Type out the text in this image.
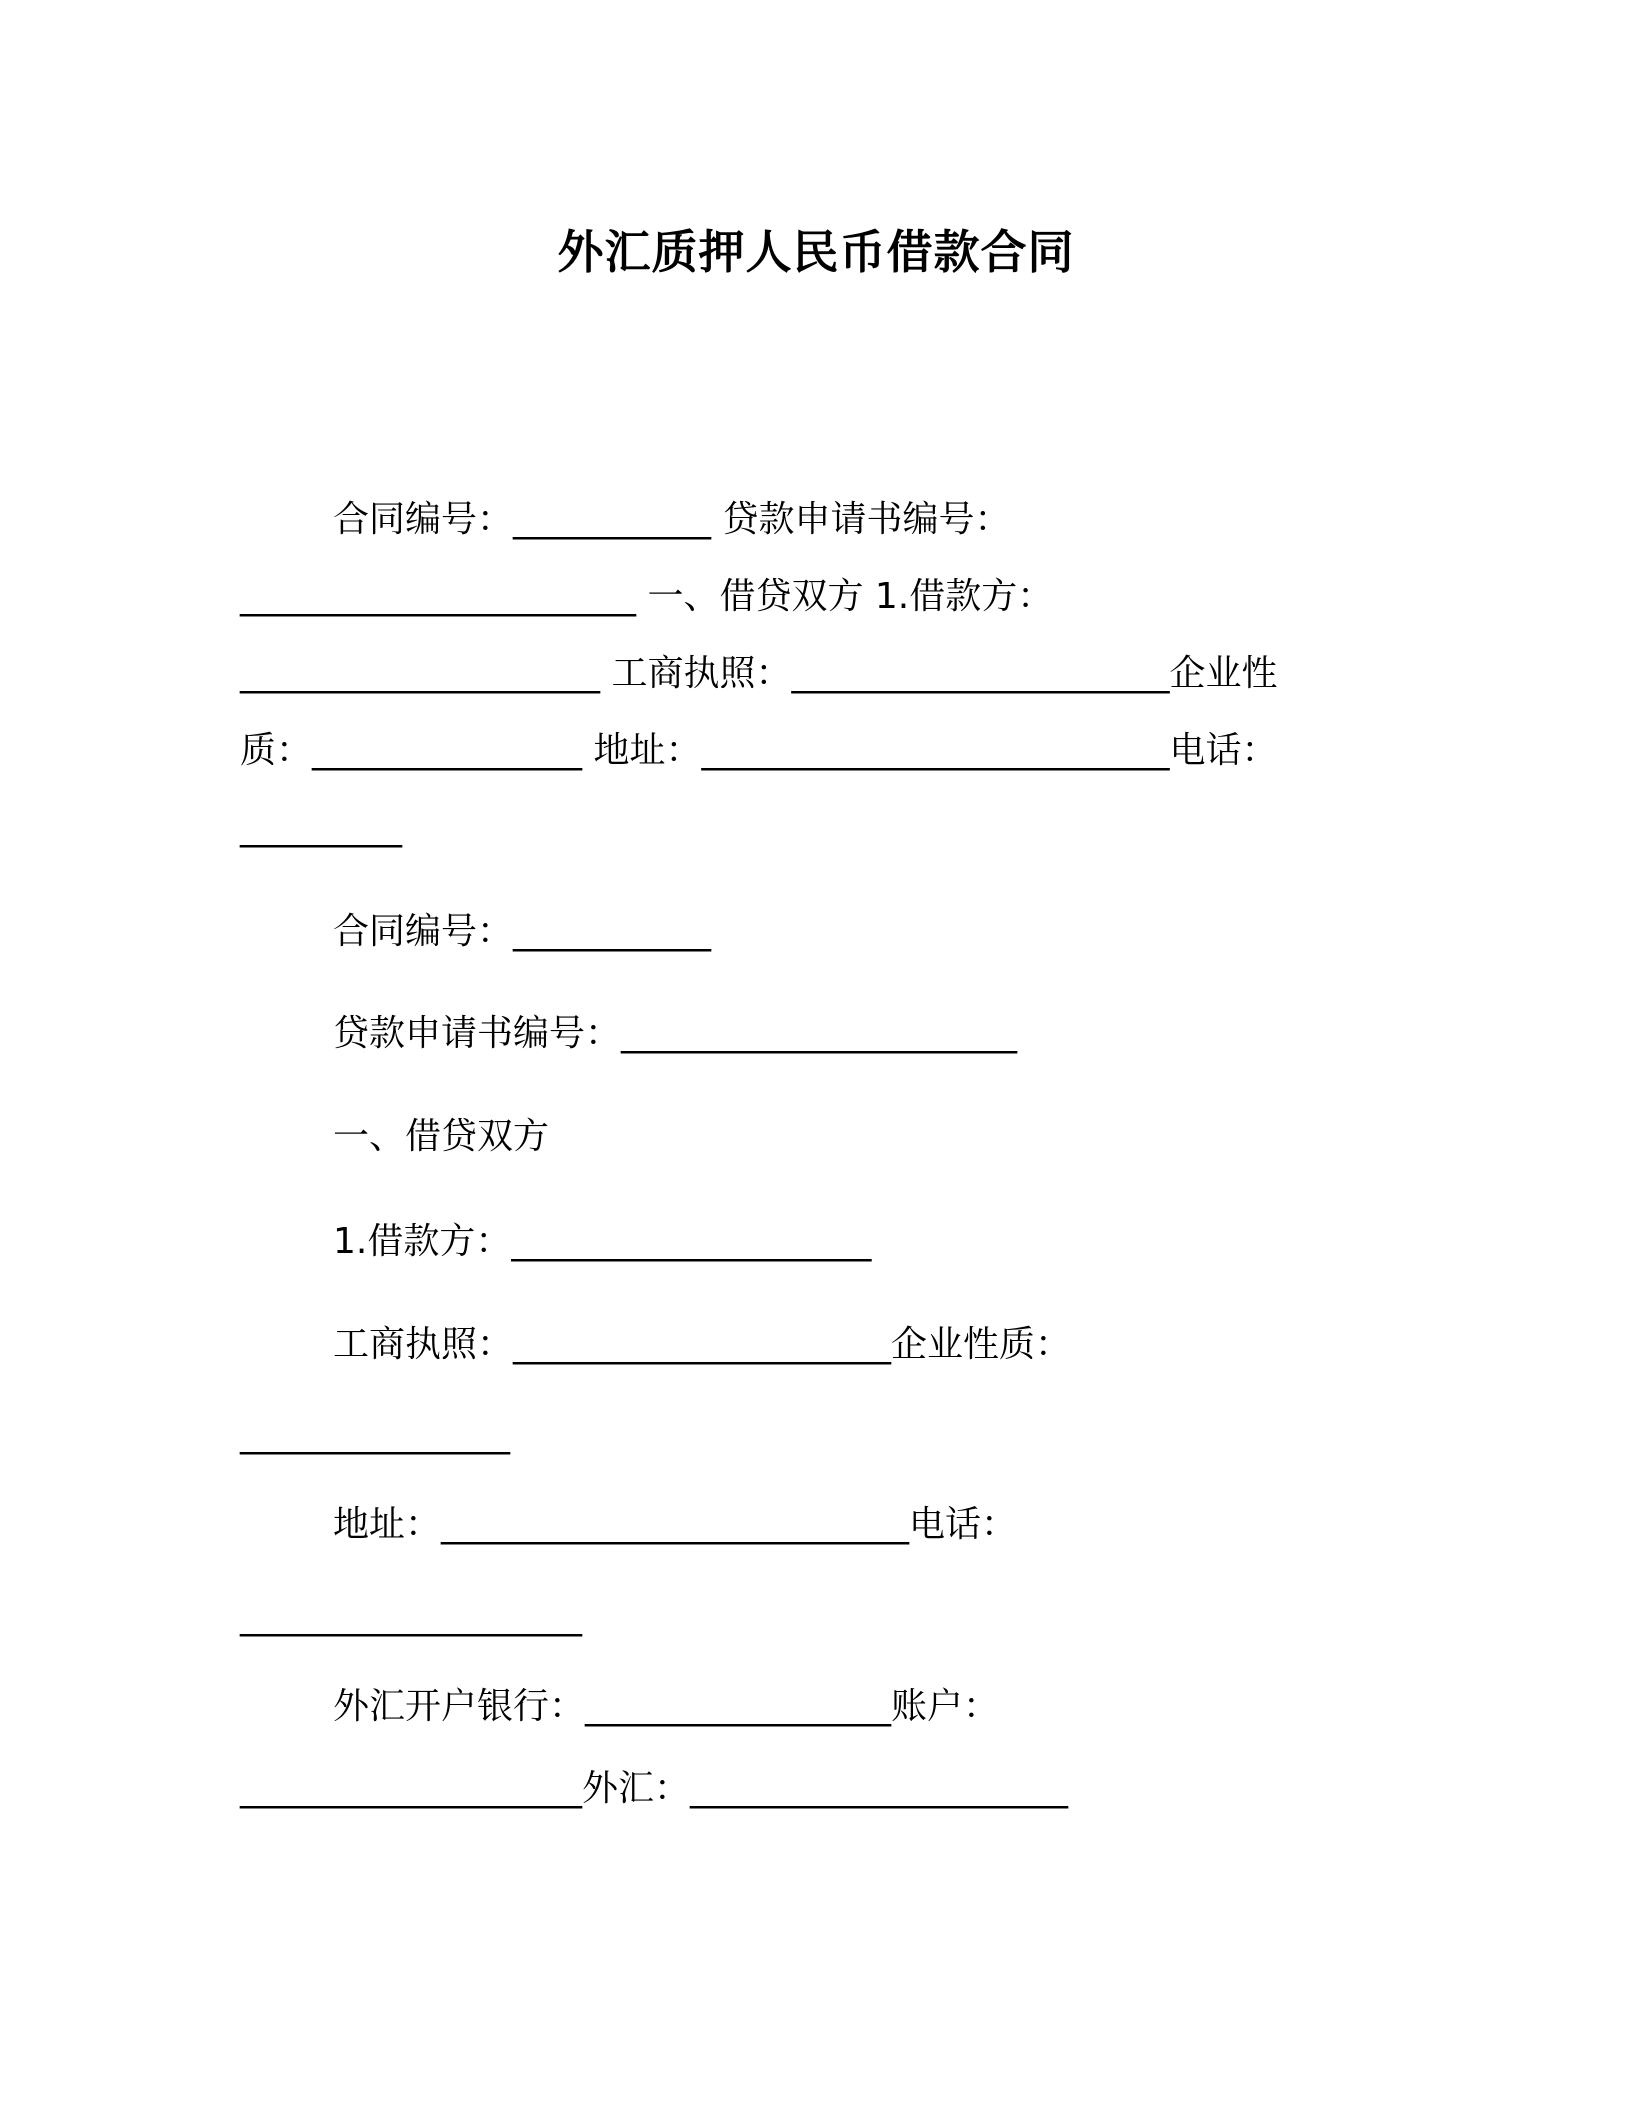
外汇质押人民币借款合同
合同编号：___________ 贷款申请书编号：
______________________ 一、借贷双方 1.借款方：
____________________ 工商执照：_____________________企业性
质：_______________ 地址：__________________________电话：
_________
合同编号：___________
贷款申请书编号：______________________
一、借贷双方
1.借款方：____________________
工商执照：_____________________企业性质：
_______________
地址：__________________________电话：
___________________
外汇开户银行：_________________账户：
___________________外汇：_____________________
